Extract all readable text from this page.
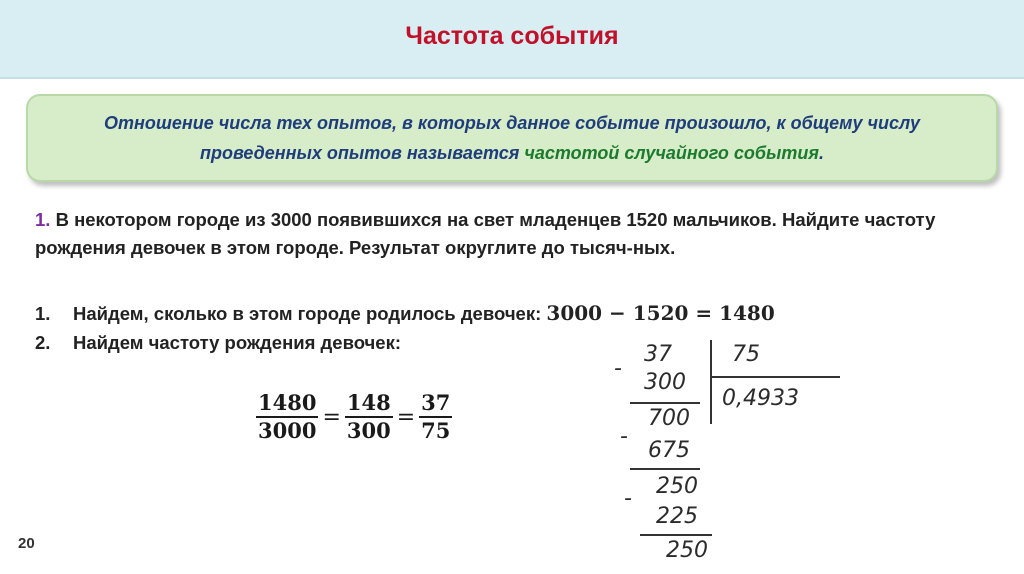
Частота события
Отношение числа тех опытов, в которых данное событие произошло, к общему числу проведенных опытов называется частотой случайного события.
1. В некотором городе из 3000 появившихся на свет младенцев 1520 мальчиков. Найдите частоту рождения девочек в этом городе. Результат округлите до тысяч-ных.
1. Найдем, сколько в этом городе родилось девочек: 3000 − 1520 = 1480
2. Найдем частоту рождения девочек:
$\frac{1480}{3000} = \frac{148}{300} = \frac{37}{75}$
-
37
300
700
-
675
- 250
225
250
75
0,4933
20
